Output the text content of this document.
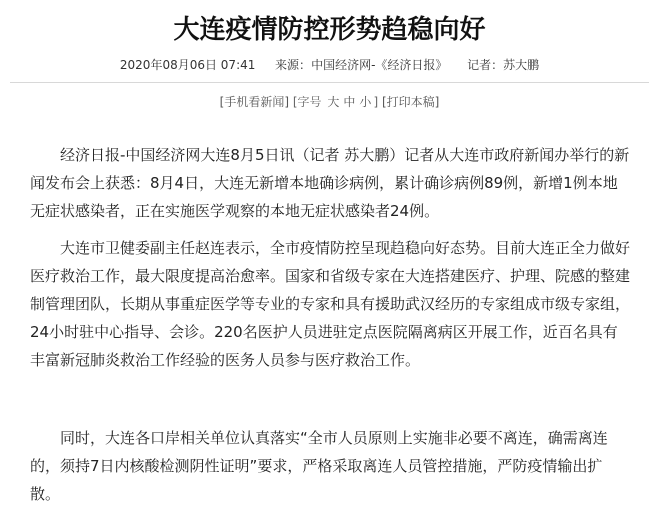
大连疫情防控形势趋稳向好
2020年08月06日 07:41 来源：中国经济网-《经济日报》 记者：苏大鹏
[手机看新闻] [字号 大 中 小 ] [打印本稿]

经济日报-中国经济网大连8月5日讯（记者 苏大鹏）记者从大连市政府新闻办举行的新闻发布会上获悉：8月4日，大连无新增本地确诊病例，累计确诊病例89例，新增1例本地无症状感染者，正在实施医学观察的本地无症状感染者24例。

大连市卫健委副主任赵连表示，全市疫情防控呈现趋稳向好态势。目前大连正全力做好医疗救治工作，最大限度提高治愈率。国家和省级专家在大连搭建医疗、护理、院感的整建制管理团队，长期从事重症医学等专业的专家和具有援助武汉经历的专家组成市级专家组，24小时驻中心指导、会诊。220名医护人员进驻定点医院隔离病区开展工作，近百名具有丰富新冠肺炎救治工作经验的医务人员参与医疗救治工作。

同时，大连各口岸相关单位认真落实“全市人员原则上实施非必要不离连，确需离连的，须持7日内核酸检测阴性证明”要求，严格采取离连人员管控措施，严防疫情输出扩散。
